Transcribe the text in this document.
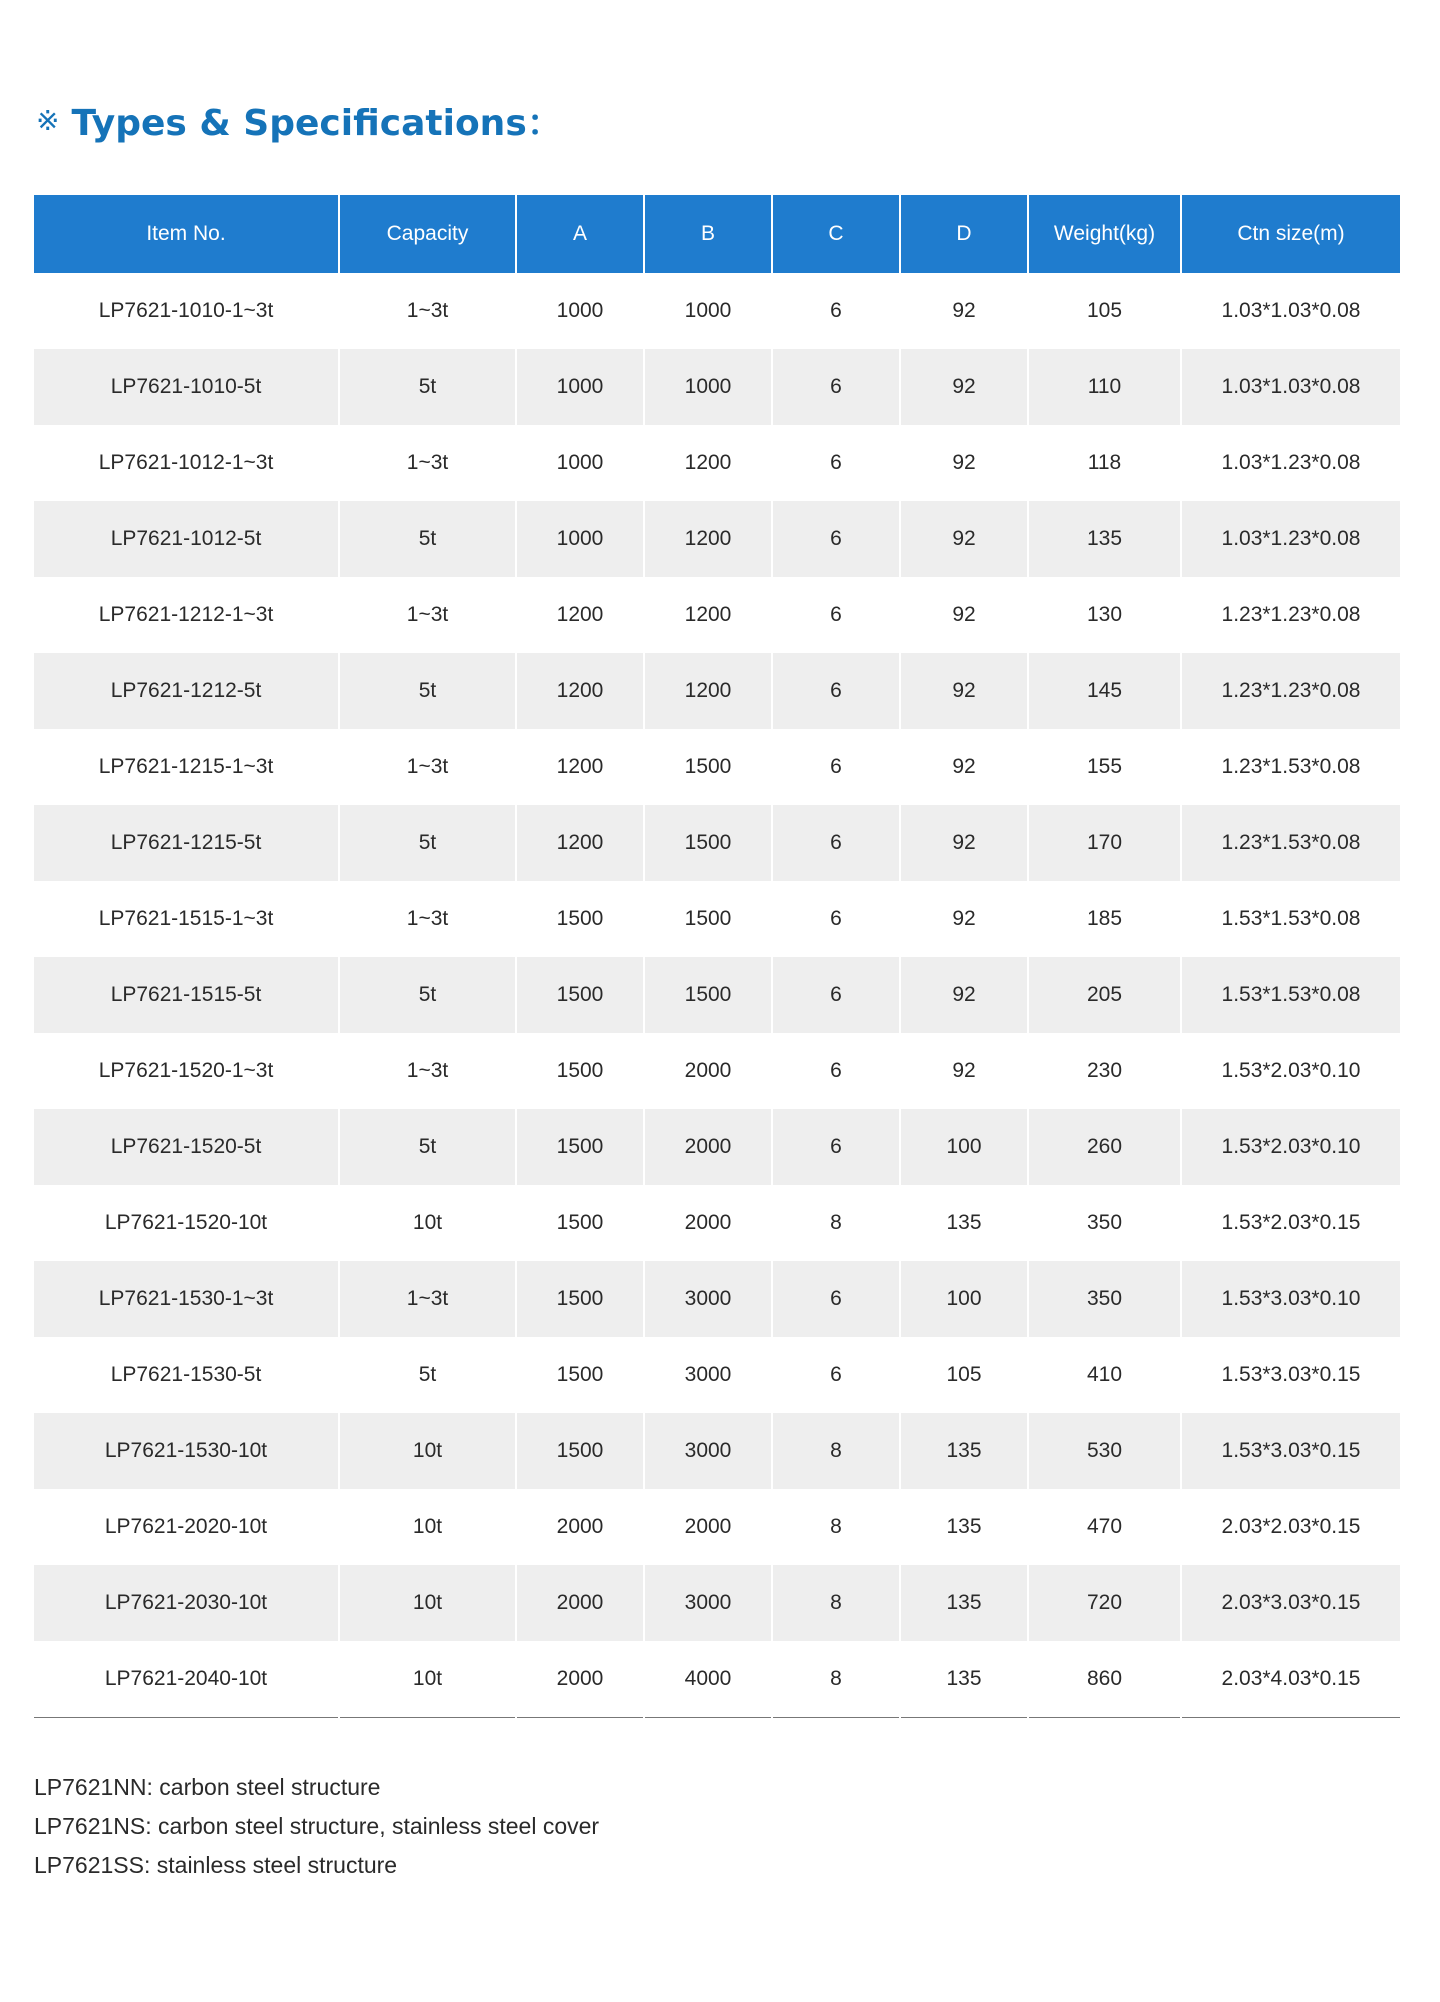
※ Types & Specifications：
Item No.	Capacity	A	B	C	D	Weight(kg)	Ctn size(m)
LP7621-1010-1~3t	1~3t	1000	1000	6	92	105	1.03*1.03*0.08
LP7621-1010-5t	5t	1000	1000	6	92	110	1.03*1.03*0.08
LP7621-1012-1~3t	1~3t	1000	1200	6	92	118	1.03*1.23*0.08
LP7621-1012-5t	5t	1000	1200	6	92	135	1.03*1.23*0.08
LP7621-1212-1~3t	1~3t	1200	1200	6	92	130	1.23*1.23*0.08
LP7621-1212-5t	5t	1200	1200	6	92	145	1.23*1.23*0.08
LP7621-1215-1~3t	1~3t	1200	1500	6	92	155	1.23*1.53*0.08
LP7621-1215-5t	5t	1200	1500	6	92	170	1.23*1.53*0.08
LP7621-1515-1~3t	1~3t	1500	1500	6	92	185	1.53*1.53*0.08
LP7621-1515-5t	5t	1500	1500	6	92	205	1.53*1.53*0.08
LP7621-1520-1~3t	1~3t	1500	2000	6	92	230	1.53*2.03*0.10
LP7621-1520-5t	5t	1500	2000	6	100	260	1.53*2.03*0.10
LP7621-1520-10t	10t	1500	2000	8	135	350	1.53*2.03*0.15
LP7621-1530-1~3t	1~3t	1500	3000	6	100	350	1.53*3.03*0.10
LP7621-1530-5t	5t	1500	3000	6	105	410	1.53*3.03*0.15
LP7621-1530-10t	10t	1500	3000	8	135	530	1.53*3.03*0.15
LP7621-2020-10t	10t	2000	2000	8	135	470	2.03*2.03*0.15
LP7621-2030-10t	10t	2000	3000	8	135	720	2.03*3.03*0.15
LP7621-2040-10t	10t	2000	4000	8	135	860	2.03*4.03*0.15
LP7621NN: carbon steel structure
LP7621NS: carbon steel structure, stainless steel cover
LP7621SS: stainless steel structure
